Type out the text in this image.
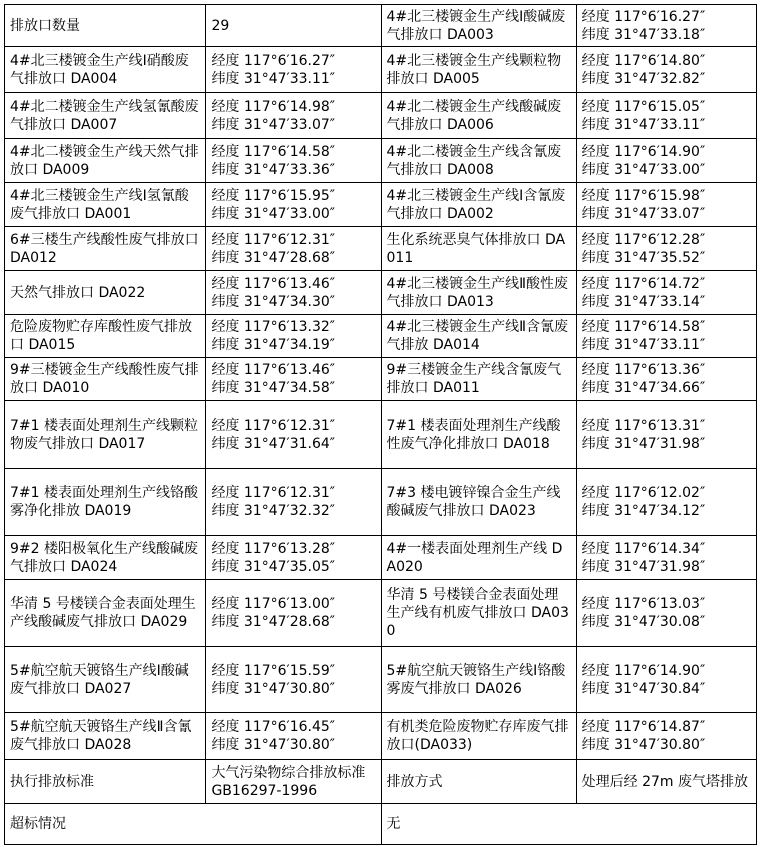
排放口数量	29	4#北三楼镀金生产线Ⅰ酸碱废气排放口 DA003	经度 117°6′16.27″
纬度 31°47′33.18″

4#北三楼镀金生产线Ⅰ硝酸废气排放口 DA004	经度 117°6′16.27″
纬度 31°47′33.11″	4#北三楼镀金生产线颗粒物排放口 DA005	经度 117°6′14.80″
纬度 31°47′32.82″

4#北二楼镀金生产线氢氰酸废气排放口 DA007	经度 117°6′14.98″
纬度 31°47′33.07″	4#北二楼镀金生产线酸碱废气排放口 DA006	经度 117°6′15.05″
纬度 31°47′33.11″

4#北二楼镀金生产线天然气排放口 DA009	经度 117°6′14.58″
纬度 31°47′33.36″	4#北二楼镀金生产线含氰废气排放口 DA008	经度 117°6′14.90″
纬度 31°47′33.00″

4#北三楼镀金生产线Ⅰ氢氰酸废气排放口 DA001	经度 117°6′15.95″
纬度 31°47′33.00″	4#北三楼镀金生产线Ⅰ含氰废气排放口 DA002	经度 117°6′15.98″
纬度 31°47′33.07″

6#三楼生产线酸性废气排放口 DA012	经度 117°6′12.31″
纬度 31°47′28.68″	生化系统恶臭气体排放口 DA011	经度 117°6′12.28″
纬度 31°47′35.52″

天然气排放口 DA022	经度 117°6′13.46″
纬度 31°47′34.30″	4#北三楼镀金生产线Ⅱ酸性废气排放口 DA013	经度 117°6′14.72″
纬度 31°47′33.14″

危险废物贮存库酸性废气排放口 DA015	经度 117°6′13.32″
纬度 31°47′34.19″	4#北三楼镀金生产线Ⅱ含氰废气排放 DA014	经度 117°6′14.58″
纬度 31°47′33.11″

9#三楼镀金生产线酸性废气排放口 DA010	经度 117°6′13.46″
纬度 31°47′34.58″	9#三楼镀金生产线含氰废气排放口 DA011	经度 117°6′13.36″
纬度 31°47′34.66″

7#1 楼表面处理剂生产线颗粒物废气排放口 DA017	经度 117°6′12.31″
纬度 31°47′31.64″	7#1 楼表面处理剂生产线酸性废气净化排放口 DA018	经度 117°6′13.31″
纬度 31°47′31.98″

7#1 楼表面处理剂生产线铬酸雾净化排放 DA019	经度 117°6′12.31″
纬度 31°47′32.32″	7#3 楼电镀锌镍合金生产线酸碱废气排放口 DA023	经度 117°6′12.02″
纬度 31°47′34.12″

9#2 楼阳极氧化生产线酸碱废气排放口 DA024	经度 117°6′13.28″
纬度 31°47′35.05″	4#一楼表面处理剂生产线 DA020	经度 117°6′14.34″
纬度 31°47′31.98″

华清 5 号楼镁合金表面处理生产线酸碱废气排放口 DA029	经度 117°6′13.00″
纬度 31°47′28.68″	华清 5 号楼镁合金表面处理生产线有机废气排放口 DA030	经度 117°6′13.03″
纬度 31°47′30.08″

5#航空航天镀铬生产线Ⅰ酸碱废气排放口 DA027	经度 117°6′15.59″
纬度 31°47′30.80″	5#航空航天镀铬生产线Ⅰ铬酸雾废气排放口 DA026	经度 117°6′14.90″
纬度 31°47′30.84″

5#航空航天镀铬生产线Ⅱ含氰废气排放口 DA028	经度 117°6′16.45″
纬度 31°47′30.80″	有机类危险废物贮存库废气排放口(DA033)	经度 117°6′14.87″
纬度 31°47′30.80″

执行排放标准	大气污染物综合排放标准 GB16297-1996	排放方式	处理后经 27m 废气塔排放
超标情况		无	
